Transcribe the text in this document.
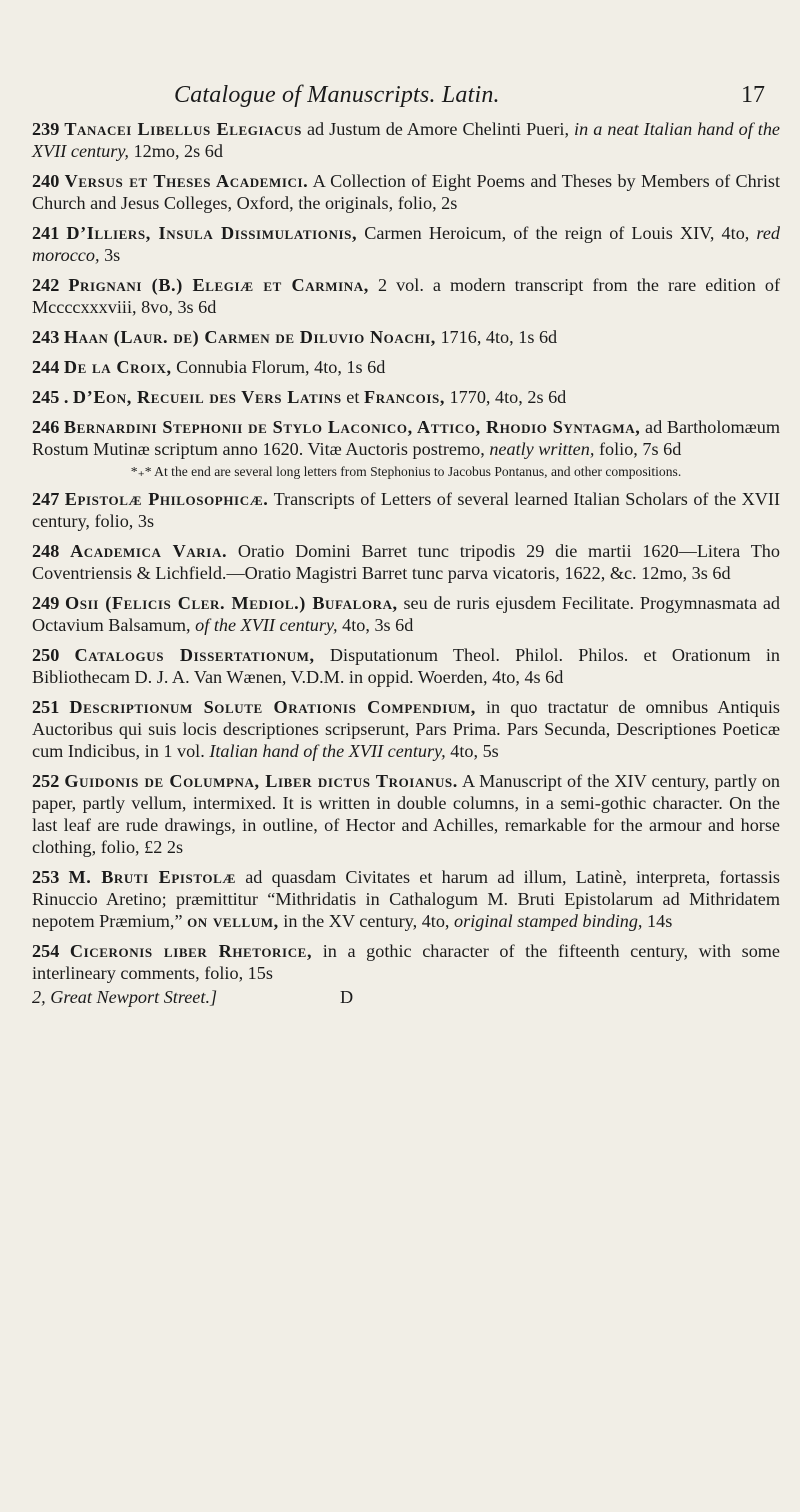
Catalogue of Manuscripts. Latin.	17

239 Tanacei Libellus Elegiacus ad Justum de Amore Chelinti Pueri, in a neat Italian hand of the XVII century, 12mo, 2s 6d

240 Versus et Theses Academici. A Collection of Eight Poems and Theses by Members of Christ Church and Jesus Colleges, Oxford, the originals, folio, 2s

241 D’Illiers, Insula Dissimulationis, Carmen Heroicum, of the reign of Louis XIV, 4to, red morocco, 3s

242 Prignani (B.) Elegiæ et Carmina, 2 vol. a modern transcript from the rare edition of Mccccxxxviii, 8vo, 3s 6d

243 Haan (Laur. de) Carmen de Diluvio Noachi, 1716, 4to, 1s 6d

244 De la Croix, Connubia Florum, 4to, 1s 6d

245 . D’Eon, Recueil des Vers Latins et Francois, 1770, 4to, 2s 6d

246 Bernardini Stephonii de Stylo Laconico, Attico, Rhodio Syntagma, ad Bartholomæum Rostum Mutinæ scriptum anno 1620. Vitæ Auctoris postremo, neatly written, folio, 7s 6d

*₊* At the end are several long letters from Stephonius to Jacobus Pontanus, and other compositions.

247 Epistolæ Philosophicæ. Transcripts of Letters of several learned Italian Scholars of the XVII century, folio, 3s

248 Academica Varia. Oratio Domini Barret tunc tripodis 29 die martii 1620—Litera Tho Coventriensis & Lichfield.—Oratio Magistri Barret tunc parva vicatoris, 1622, &c. 12mo, 3s 6d

249 Osii (Felicis Cler. Mediol.) Bufalora, seu de ruris ejusdem Fecilitate. Progymnasmata ad Octavium Balsamum, of the XVII century, 4to, 3s 6d

250 Catalogus Dissertationum, Disputationum Theol. Philol. Philos. et Orationum in Bibliothecam D. J. A. Van Wænen, V.D.M. in oppid. Woerden, 4to, 4s 6d

251 Descriptionum Solute Orationis Compendium, in quo tractatur de omnibus Antiquis Auctoribus qui suis locis descriptiones scripserunt, Pars Prima. Pars Secunda, Descriptiones Poeticæ cum Indicibus, in 1 vol. Italian hand of the XVII century, 4to, 5s

252 Guidonis de Columpna, Liber dictus Troianus. A Manuscript of the XIV century, partly on paper, partly vellum, intermixed. It is written in double columns, in a semi-gothic character. On the last leaf are rude drawings, in outline, of Hector and Achilles, remarkable for the armour and horse clothing, folio, £2 2s

253 M. Bruti Epistolæ ad quasdam Civitates et harum ad illum, Latinè, interpreta, fortassis Rinuccio Aretino; præmittitur “Mithridatis in Cathalogum M. Bruti Epistolarum ad Mithridatem nepotem Præmium,” on vellum, in the XV century, 4to, original stamped binding, 14s

254 Ciceronis liber Rhetorice, in a gothic character of the fifteenth century, with some interlineary comments, folio, 15s

2, Great Newport Street.]	D
